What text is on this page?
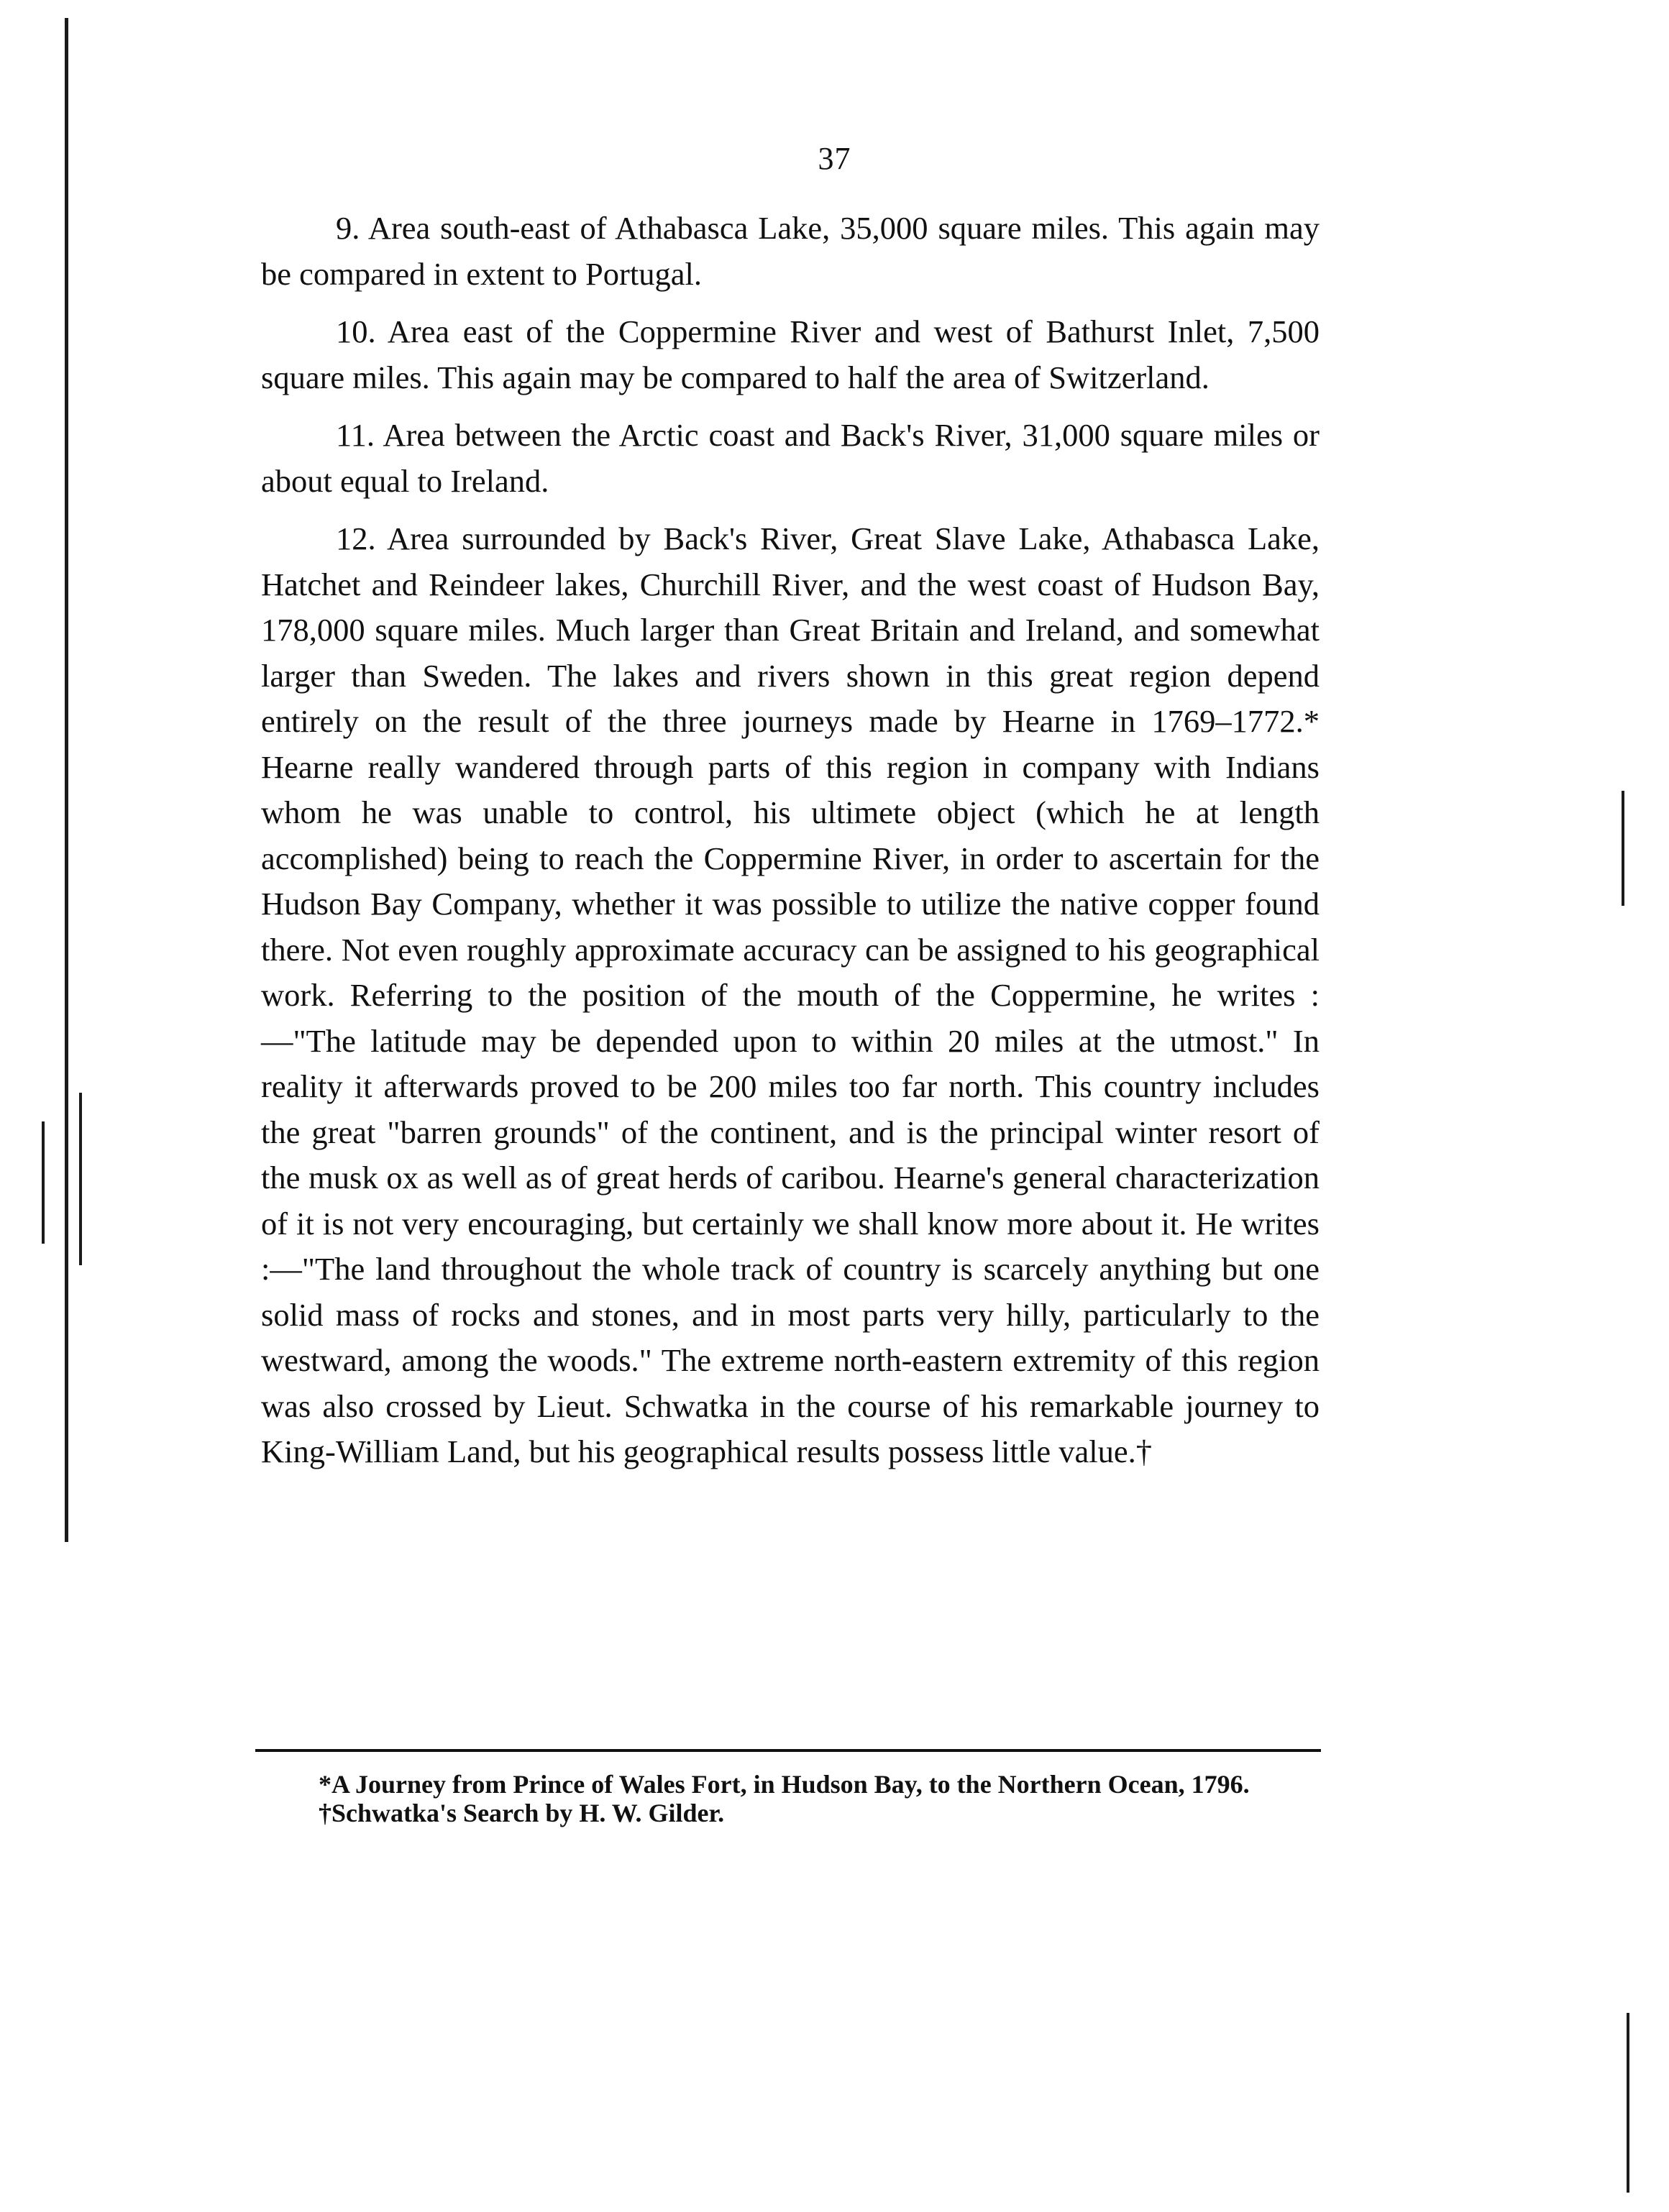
37

9. Area south-east of Athabasca Lake, 35,000 square miles. This again may be compared in extent to Portugal.

10. Area east of the Coppermine River and west of Bathurst Inlet, 7,500 square miles. This again may be compared to half the area of Switzerland.

11. Area between the Arctic coast and Back's River, 31,000 square miles or about equal to Ireland.

12. Area surrounded by Back's River, Great Slave Lake, Athabasca Lake, Hatchet and Reindeer lakes, Churchill River, and the west coast of Hudson Bay, 178,000 square miles. Much larger than Great Britain and Ireland, and somewhat larger than Sweden. The lakes and rivers shown in this great region depend entirely on the result of the three journeys made by Hearne in 1769–1772.* Hearne really wandered through parts of this region in company with Indians whom he was unable to control, his ultimete object (which he at length accomplished) being to reach the Coppermine River, in order to ascertain for the Hudson Bay Company, whether it was possible to utilize the native copper found there. Not even roughly approximate accuracy can be assigned to his geographical work. Referring to the position of the mouth of the Coppermine, he writes :—"The latitude may be depended upon to within 20 miles at the utmost." In reality it afterwards proved to be 200 miles too far north. This country includes the great "barren grounds" of the continent, and is the principal winter resort of the musk ox as well as of great herds of caribou. Hearne's general characterization of it is not very encouraging, but certainly we shall know more about it. He writes :—"The land throughout the whole track of country is scarcely anything but one solid mass of rocks and stones, and in most parts very hilly, particularly to the westward, among the woods." The extreme north-eastern extremity of this region was also crossed by Lieut. Schwatka in the course of his remarkable journey to King-William Land, but his geographical results possess little value.†

*A Journey from Prince of Wales Fort, in Hudson Bay, to the Northern Ocean, 1796.

†Schwatka's Search by H. W. Gilder.
